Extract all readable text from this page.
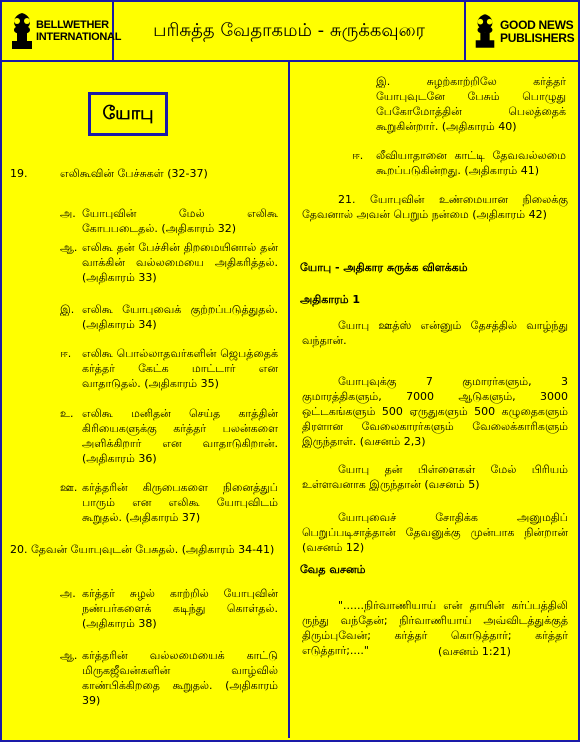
BELLWETHER
INTERNATIONAL	பரிசுத்த வேதாகமம் - சுருக்கவுரை	GOOD NEWS
PUBLISHERS
யோபு
19.	எலிகூவின் பேச்சுகள் (32-37)
அ. யோபுவின் மேல் எலிகூ கோபபடைதல். (அதிகாரம் 32)
ஆ. எலிகூ தன் பேச்சின் திறமையினால் தன் வாக்கின் வல்லமையை அதிகரித்தல். (அதிகாரம் 33)
இ. எலிகூ யோபுவைக் குற்றப்படுத்துதல். (அதிகாரம் 34)
ஈ. எலிகூ பொல்லாதவர்களின் ஜெபத்தைக் கர்த்தர் கேட்க மாட்டார் என வாதாடுதல். (அதிகாரம் 35)
உ. எலிகூ மனிதன் செய்த காத்தின் கிரியைகளுக்கு கர்த்தர் பலன்களை அளிக்கிறார் என வாதாடுகிறான். (அதிகாரம் 36)
ஊ. கர்த்தரின் கிருபைகளை நினைத்துப் பாரும் என எலிகூ யோபுவிடம் கூறுதல். (அதிகாரம் 37)
20. தேவன் யோபுவுடன் பேசுதல். (அதிகாரம் 34-41)
அ. கர்த்தர் சுழல் காற்றில் யோபுவின் நண்பர்களைக் கடிந்து கொள்தல். (அதிகாரம் 38)
ஆ. கர்த்தரின் வல்லமையைக் காட்டு மிருகஜீவன்களின் வாழ்வில் காண்பிக்கிறதை கூறுதல். (அதிகாரம் 39)
இ. சுழற்காற்றிலே கர்த்தர் யோபுவுடனே பேசும் பொழுது பேகோமோத்தின் பெலத்தைக் கூறுகின்றார். (அதிகாரம் 40)
ஈ. லீவியாதானை காட்டி தேவவல்லமை கூறப்படுகின்றது. (அதிகாரம் 41)
21. யோபுவின் உண்மையான நிலைக்கு தேவனால் அவன் பெறும் நன்மை (அதிகாரம் 42)
யோபு - அதிகார சுருக்க விளக்கம்
அதிகாரம் 1
யோபு ஊத்ஸ் என்னும் தேசத்தில் வாழ்ந்து வந்தான்.
யோபுவுக்கு 7 குமாரர்களும், 3 குமாரத்திகளும், 7000 ஆடுகளும், 3000 ஒட்டகங்களும் 500 ஏருதுகளும் 500 கழுதைகளும் திரளான வேலைகாரர்களும் வேலைக்காரிகளும் இருந்தாள். (வசனம் 2,3)
யோபு தன் பிள்ளைகள் மேல் பிரியம் உள்ளவனாக இருந்தான் (வசனம் 5)
யோபுவைச் சோதிக்க அனுமதிப் பெறுப்படிசாத்தான் தேவனுக்கு முன்பாக நின்றான் (வசனம் 12)
வேத வசனம்
"......நிர்வாணியாய் என் தாயின் கர்ப்பத்திலி ருந்து வந்தேன்; நிர்வாணியாய் அவ்விடத்துக்குத் திரும்புவேன்; கர்த்தர் கொடுத்தார்; கர்த்தர் எடுத்தார்;...."	(வசனம் 1:21)
